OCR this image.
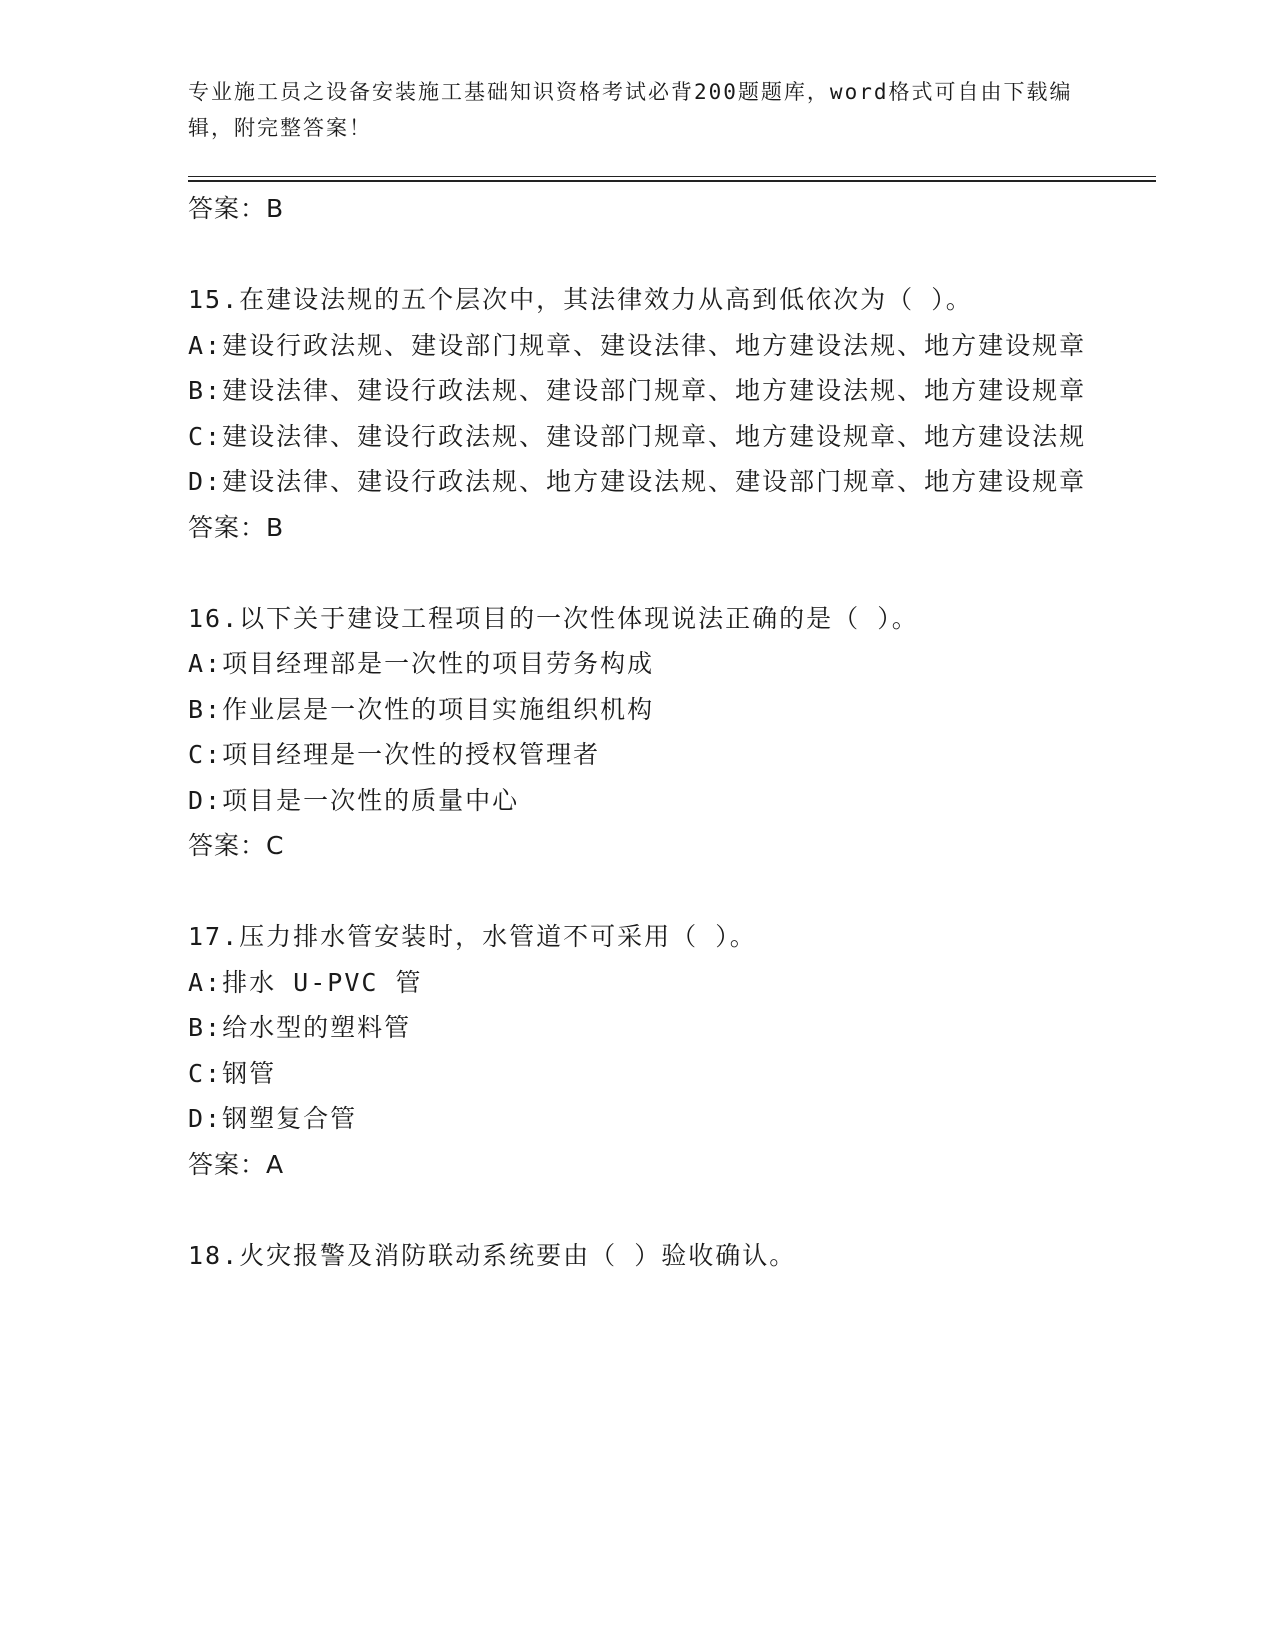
专业施工员之设备安装施工基础知识资格考试必背200题题库，word格式可自由下载编辑，附完整答案！

答案：B

15.在建设法规的五个层次中，其法律效力从高到低依次为（ ）。

A: 建设行政法规、建设部门规章、建设法律、地方建设法规、地方建设规章

B: 建设法律、建设行政法规、建设部门规章、地方建设法规、地方建设规章

C: 建设法律、建设行政法规、建设部门规章、地方建设规章、地方建设法规

D: 建设法律、建设行政法规、地方建设法规、建设部门规章、地方建设规章

答案：B

16.以下关于建设工程项目的一次性体现说法正确的是（ ）。

A: 项目经理部是一次性的项目劳务构成

B: 作业层是一次性的项目实施组织机构

C: 项目经理是一次性的授权管理者

D: 项目是一次性的质量中心

答案：C

17.压力排水管安装时，水管道不可采用（ ）。

A: 排水 U-PVC 管

B: 给水型的塑料管

C: 钢管

D: 钢塑复合管

答案：A

18.火灾报警及消防联动系统要由（ ）验收确认。
